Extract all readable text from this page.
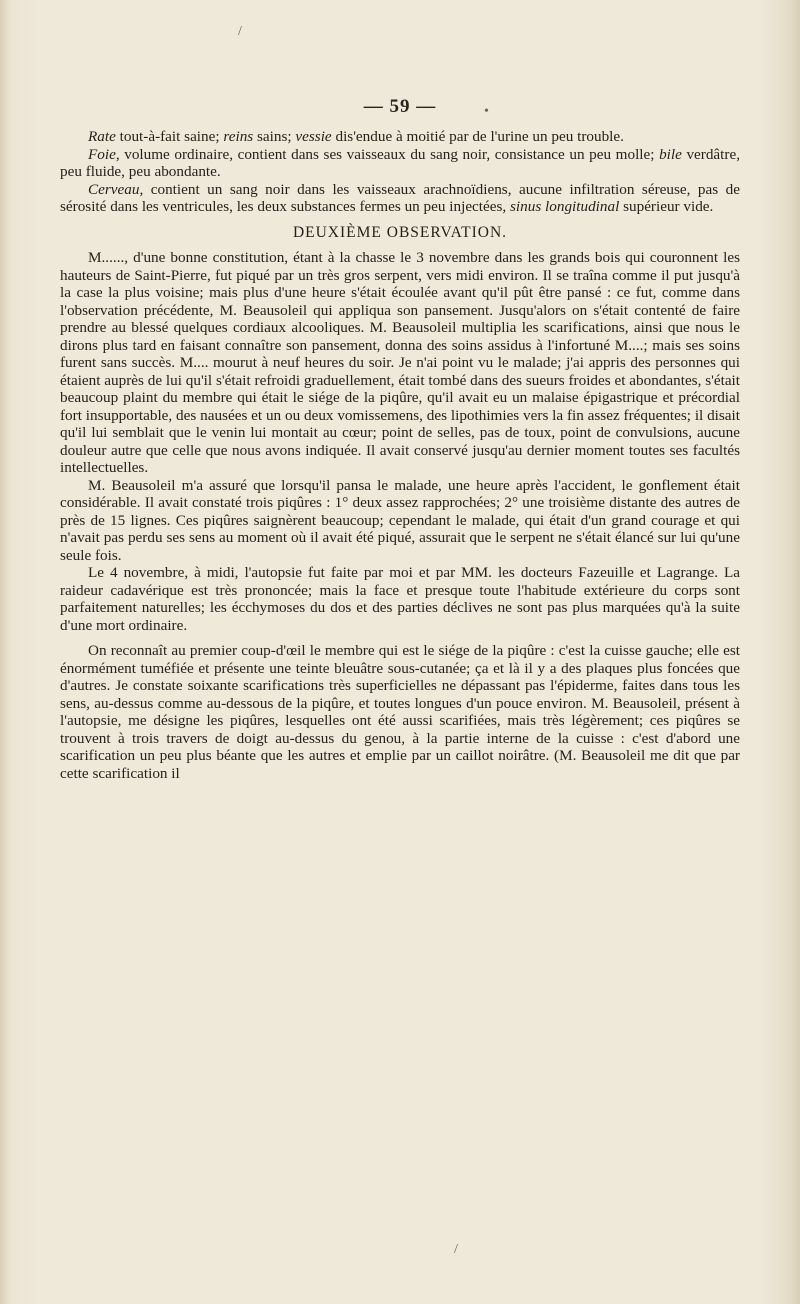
/
•
/
— 59 —

Rate tout-à-fait saine; reins sains; vessie dis'endue à moitié par de l'urine un peu trouble.

Foie, volume ordinaire, contient dans ses vaisseaux du sang noir, consistance un peu molle; bile verdâtre, peu fluide, peu abondante.

Cerveau, contient un sang noir dans les vaisseaux arachnoïdiens, aucune infiltration séreuse, pas de sérosité dans les ventricules, les deux substances fermes un peu injectées, sinus longitudinal supérieur vide.

DEUXIÈME OBSERVATION.

M......, d'une bonne constitution, étant à la chasse le 3 novembre dans les grands bois qui couronnent les hauteurs de Saint-Pierre, fut piqué par un très gros serpent, vers midi environ. Il se traîna comme il put jusqu'à la case la plus voisine; mais plus d'une heure s'était écoulée avant qu'il pût être pansé : ce fut, comme dans l'observation précédente, M. Beausoleil qui appliqua son pansement. Jusqu'alors on s'était contenté de faire prendre au blessé quelques cordiaux alcooliques. M. Beausoleil multiplia les scarifications, ainsi que nous le dirons plus tard en faisant connaître son pansement, donna des soins assidus à l'infortuné M....; mais ses soins furent sans succès. M.... mourut à neuf heures du soir. Je n'ai point vu le malade; j'ai appris des personnes qui étaient auprès de lui qu'il s'était refroidi graduellement, était tombé dans des sueurs froides et abondantes, s'était beaucoup plaint du membre qui était le siége de la piqûre, qu'il avait eu un malaise épigastrique et précordial fort insupportable, des nausées et un ou deux vomissemens, des lipothimies vers la fin assez fréquentes; il disait qu'il lui semblait que le venin lui montait au cœur; point de selles, pas de toux, point de convulsions, aucune douleur autre que celle que nous avons indiquée. Il avait conservé jusqu'au dernier moment toutes ses facultés intellectuelles.

M. Beausoleil m'a assuré que lorsqu'il pansa le malade, une heure après l'accident, le gonflement était considérable. Il avait constaté trois piqûres : 1° deux assez rapprochées; 2° une troisième distante des autres de près de 15 lignes. Ces piqûres saignèrent beaucoup; cependant le malade, qui était d'un grand courage et qui n'avait pas perdu ses sens au moment où il avait été piqué, assurait que le serpent ne s'était élancé sur lui qu'une seule fois.

Le 4 novembre, à midi, l'autopsie fut faite par moi et par MM. les docteurs Fazeuille et Lagrange. La raideur cadavérique est très prononcée; mais la face et presque toute l'habitude extérieure du corps sont parfaitement naturelles; les écchymoses du dos et des parties déclives ne sont pas plus marquées qu'à la suite d'une mort ordinaire.

On reconnaît au premier coup-d'œil le membre qui est le siége de la piqûre : c'est la cuisse gauche; elle est énormément tuméfiée et présente une teinte bleuâtre sous-cutanée; ça et là il y a des plaques plus foncées que d'autres. Je constate soixante scarifications très superficielles ne dépassant pas l'épiderme, faites dans tous les sens, au-dessus comme au-dessous de la piqûre, et toutes longues d'un pouce environ. M. Beausoleil, présent à l'autopsie, me désigne les piqûres, lesquelles ont été aussi scarifiées, mais très légèrement; ces piqûres se trouvent à trois travers de doigt au-dessus du genou, à la partie interne de la cuisse : c'est d'abord une scarification un peu plus béante que les autres et emplie par un caillot noirâtre. (M. Beausoleil me dit que par cette scarification il
